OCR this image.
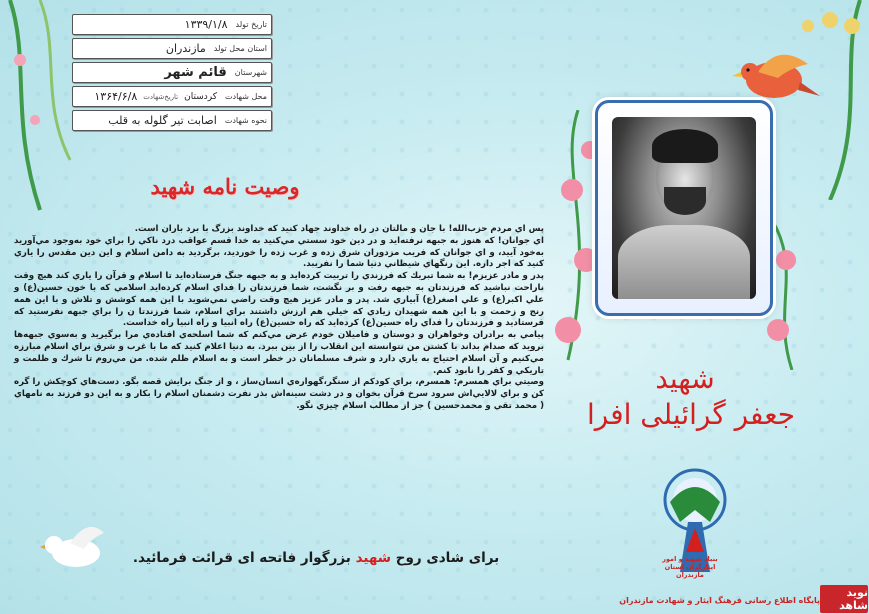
تاریخ تولد
۱۳۳۹/۱/۸
استان محل تولد
مازندران
شهرستان
قائم شهر
محل شهادت
کردستان
تاریخ‌شهادت
۱۳۶۴/۶/۸
نحوه شهادت
اصابت تیر گلوله به قلب
وصیت نامه شهید

پس اي مردم حزب‌الله! با جان و مالتان در راه خداوند جهاد كنيد كه خداوند بزرگ با برد باران است.

اي جوانان! كه هنوز به جبهه نرفته‌ايد و در دين خود سستي مي‌كنيد به خدا قسم عواقب درد ناكي را براي خود به‌وجود مي‌آوريد به‌خود آييد، و اي جوانان كه فريب مزدوران شرق زده و غرب زده را خورديد، برگرديد به دامن اسلام و اين دين مقدس را ياري كنيد كه اجر داره. اين رنگهاي شيطاني دنيا شما را نفريبد.

پدر و مادر عزيزم! به شما تبريك كه فرزندي را تربيت كرده‌ايد و به جبهه جنگ فرستاده‌ايد تا اسلام و قرآن را ياري كند هيچ وقت ناراحت نباشيد كه فرزندتان به جبهه رفت و بر نگشت، شما فرزندتان را فداي اسلام كرده‌ايد اسلامي كه با خون حسين(ع) و علي اكبر(ع) و علي اصغر(ع) آبياري شد. پدر و مادر عزيز هيچ وقت راضي نمي‌شويد با اين همه كوشش و تلاش و با اين همه رنج و زحمت و با اين همه شهيدان زيادي كه خيلي هم ارزش داشتند براي اسلام، شما فرزندتا ن را براي جبهه نفرستيد كه فرستاديد و فرزندتان را فداي راه حسين(ع) كرده‌ايد كه راه حسين(ع) راه انبيا و راه انبيا راه خداست.

پيامي به برادران و‌خواهران و دوستان و فاميلان خودم عرض مي‌كنم كه شما اسلحه‌ي افتاده‌ي مرا برگيريد و به‌سوي جبهه‌ها برويد كه صدام بداند با كشتن من نتوانسته اين انقلاب را از بين ببرد. به دنيا اعلام كنيد كه ما با غرب و شرق براي اسلام مبارزه مي‌كنيم و آن اسلام احتياج به ياري دارد و شرف مسلمانان در خطر است و به اسلام ظلم شده. من مي‌روم تا شرك و ظلمت و تاريكي و كفر را نابود كنم.

وصيتي براي همسرم: همسرم، براي كودكم از سنگر،گهواره‌ي انسان‌ساز ، و از جنگ برايش قصه بگو. دست‌هاي كوچكش را گره كن و براي لالايي‌اش سرود سرخ قرآن بخوان و در دشت سينه‌اش بذر نفرت دشمنان اسلام را بكار و به اين دو فرزند به نامهاي ( محمد تقي و محمدحسين ) جز از مطالب اسلام چيزي نگو.

شهید
جعفر گرائیلی افرا
برای شادی روح شهید بزرگوار فاتحه ای قرائت فرمائید.	بنیاد شهید و امور ایثارگران استان مازندران
پایگاه اطلاع رسانی فرهنگ ایثار و شهادت مازندران
نوید شاهد
